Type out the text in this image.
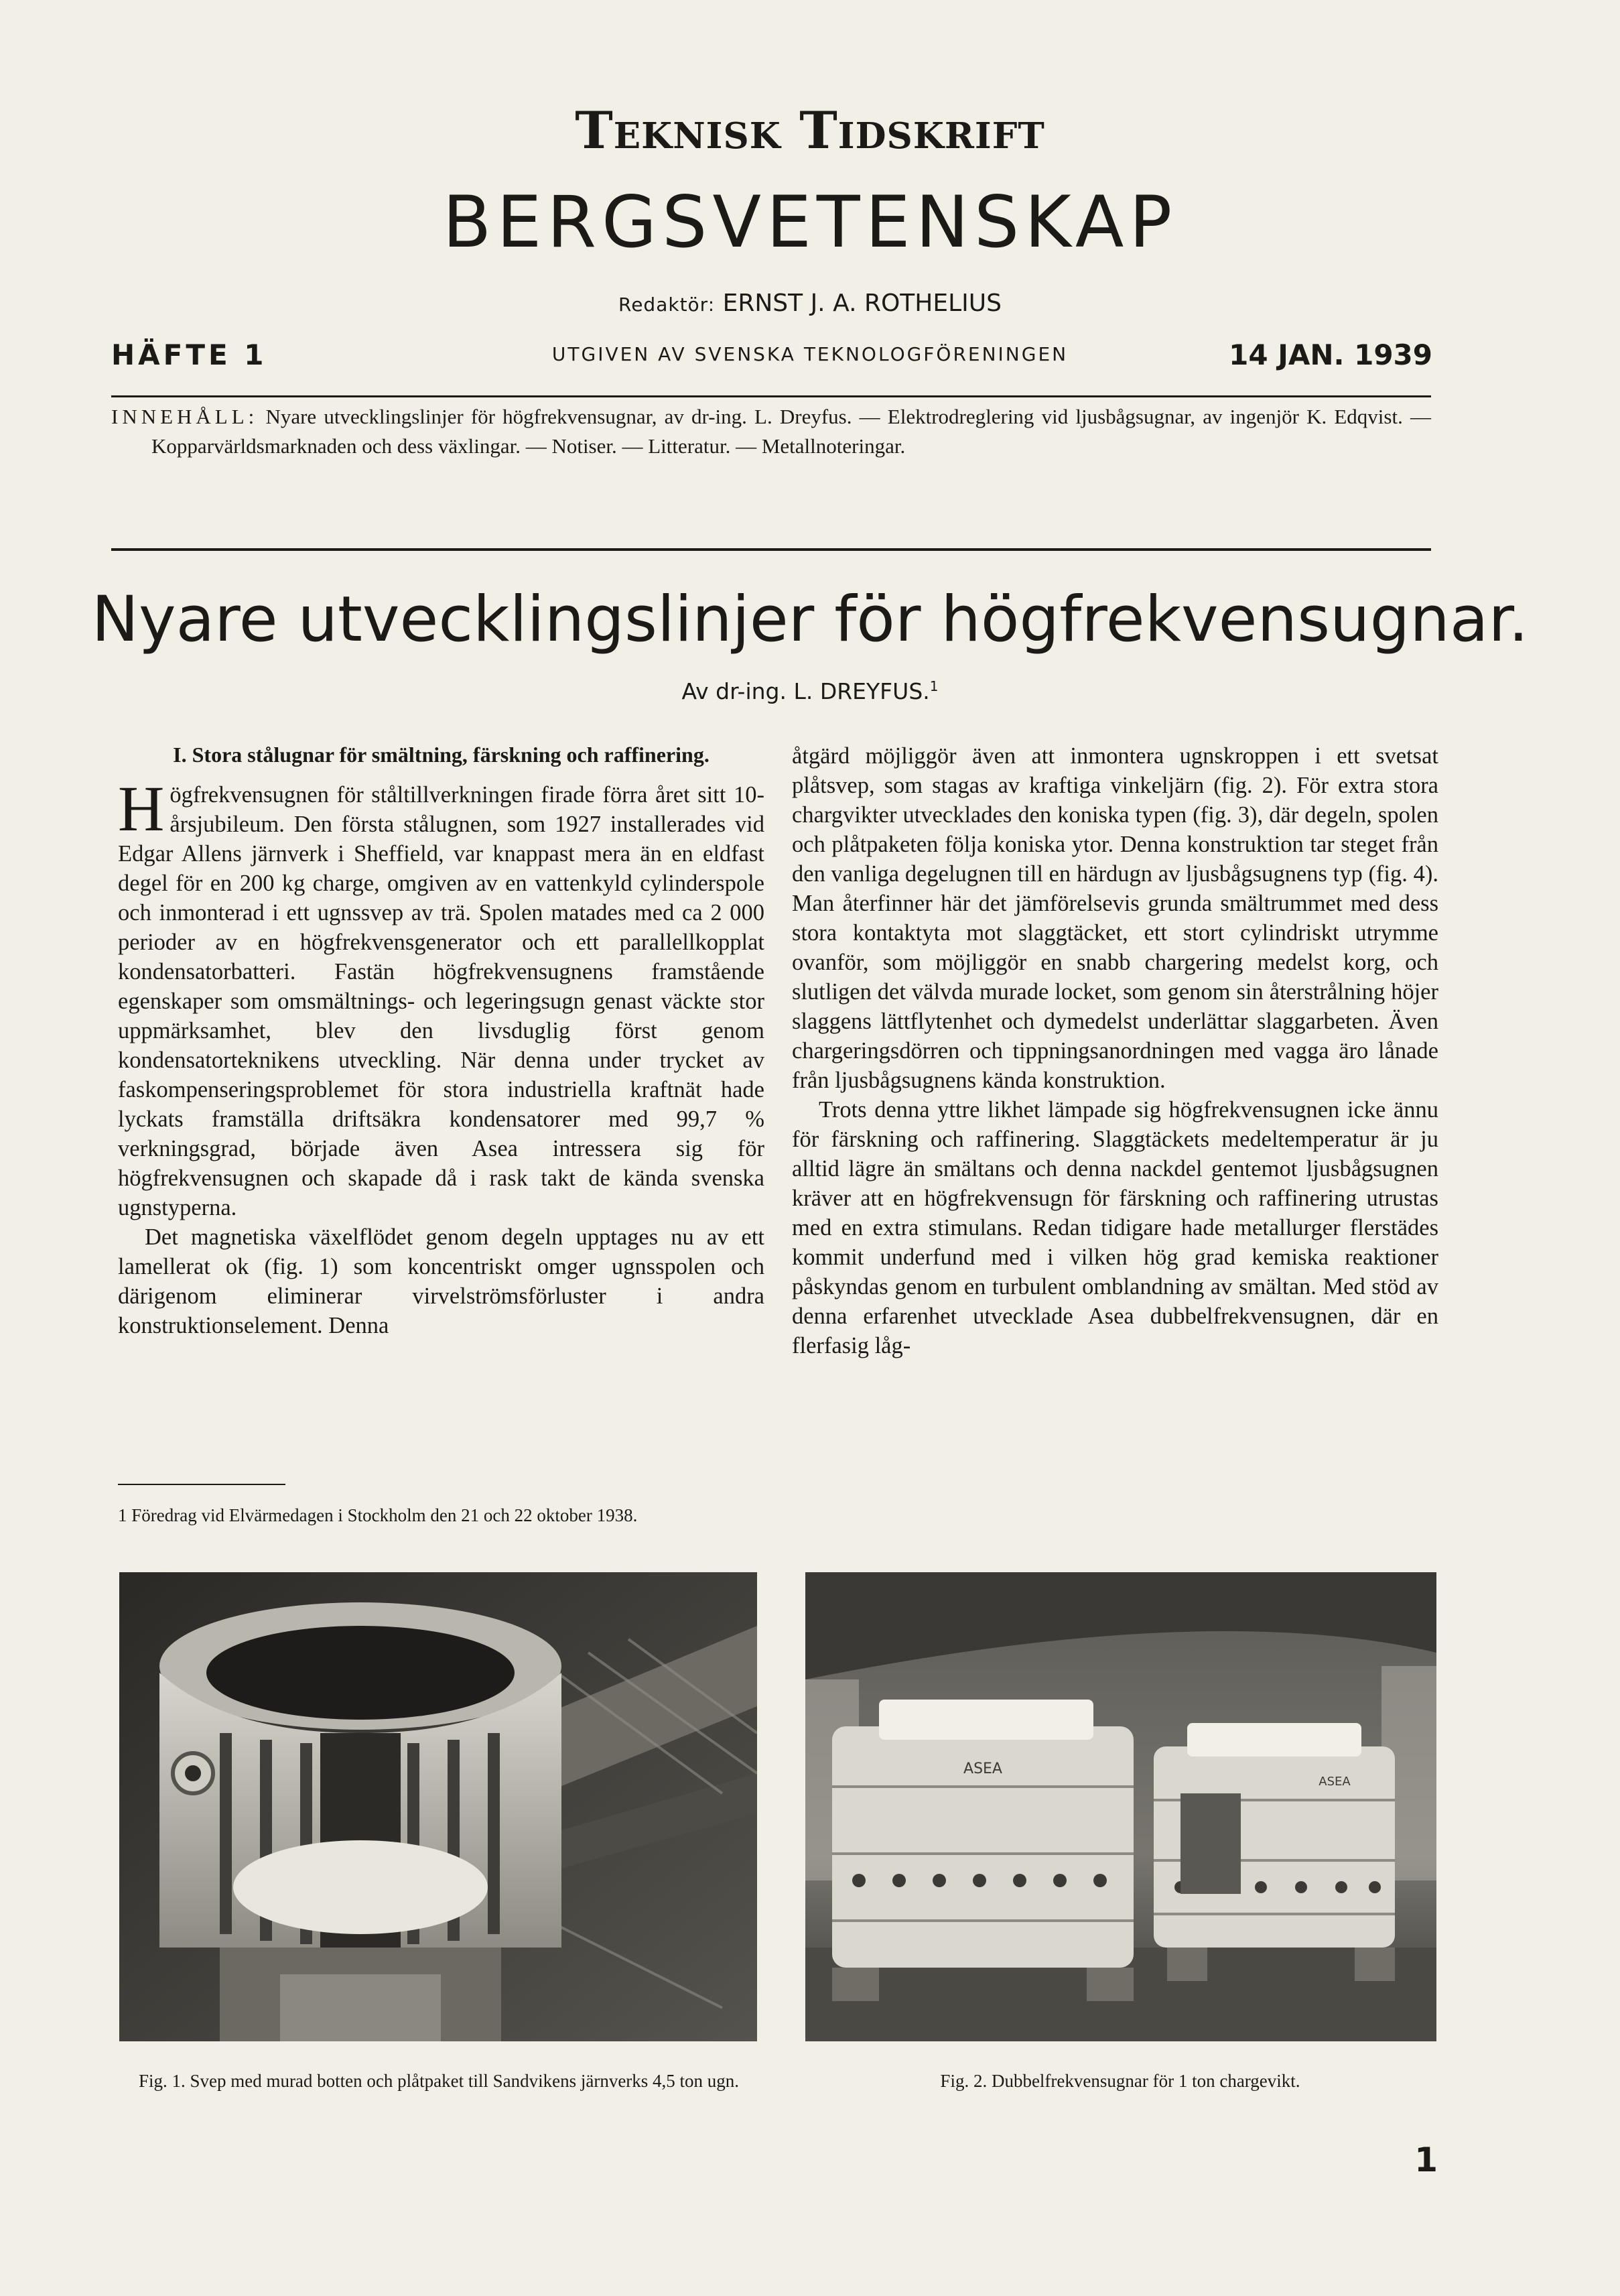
Teknisk Tidskrift
BERGSVETENSKAP
Redaktör: ERNST J. A. ROTHELIUS
HÄFTE 1	UTGIVEN AV SVENSKA TEKNOLOGFÖRENINGEN	14 JAN. 1939
INNEHÅLL: Nyare utvecklingslinjer för högfrekvensugnar, av dr-ing. L. Dreyfus. — Elektrodreglering vid ljusbågsugnar, av ingenjör K. Edqvist. — Kopparvärldsmarknaden och dess växlingar. — Notiser. — Litteratur. — Metallnoteringar.
Nyare utvecklingslinjer för högfrekvensugnar.
Av dr-ing. L. DREYFUS.$^1$
I. Stora stålugnar för smältning, färskning och raffinering.

Högfrekvensugnen för ståltillverkningen firade förra året sitt 10-årsjubileum. Den första stålugnen, som 1927 installerades vid Edgar Allens järnverk i Sheffield, var knappast mera än en eldfast degel för en 200 kg charge, omgiven av en vattenkyld cylinderspole och inmonterad i ett ugnssvep av trä. Spolen matades med ca 2 000 perioder av en högfrekvensgenerator och ett parallellkopplat kondensatorbatteri. Fastän högfrekvensugnens framstående egenskaper som omsmältnings- och legeringsugn genast väckte stor uppmärksamhet, blev den livsduglig först genom kondensatorteknikens utveckling. När denna under trycket av faskompenseringsproblemet för stora industriella kraftnät hade lyckats framställa driftsäkra kondensatorer med 99,7 % verkningsgrad, började även Asea intressera sig för högfrekvensugnen och skapade då i rask takt de kända svenska ugnstyperna.

Det magnetiska växelflödet genom degeln upptages nu av ett lamellerat ok (fig. 1) som koncentriskt omger ugnsspolen och därigenom eliminerar virvelströmsförluster i andra konstruktionselement. Denna

åtgärd möjliggör även att inmontera ugnskroppen i ett svetsat plåtsvep, som stagas av kraftiga vinkeljärn (fig. 2). För extra stora chargvikter utvecklades den koniska typen (fig. 3), där degeln, spolen och plåtpaketen följa koniska ytor. Denna konstruktion tar steget från den vanliga degelugnen till en härdugn av ljusbågsugnens typ (fig. 4). Man återfinner här det jämförelsevis grunda smältrummet med dess stora kontaktyta mot slaggtäcket, ett stort cylindriskt utrymme ovanför, som möjliggör en snabb chargering medelst korg, och slutligen det välvda murade locket, som genom sin återstrålning höjer slaggens lättflytenhet och dymedelst underlättar slaggarbeten. Även chargeringsdörren och tippningsanordningen med vagga äro lånade från ljusbågsugnens kända konstruktion.

Trots denna yttre likhet lämpade sig högfrekvensugnen icke ännu för färskning och raffinering. Slaggtäckets medeltemperatur är ju alltid lägre än smältans och denna nackdel gentemot ljusbågsugnen kräver att en högfrekvensugn för färskning och raffinering utrustas med en extra stimulans. Redan tidigare hade metallurger flerstädes kommit underfund med i vilken hög grad kemiska reaktioner påskyndas genom en turbulent omblandning av smältan. Med stöd av denna erfarenhet utvecklade Asea dubbelfrekvensugnen, där en flerfasig låg-

1 Föredrag vid Elvärmedagen i Stockholm den 21 och 22 oktober 1938.
ASEA
ASEA
Fig. 1. Svep med murad botten och plåtpaket till Sandvikens järnverks 4,5 ton ugn.	Fig. 2. Dubbelfrekvensugnar för 1 ton chargevikt.
1
